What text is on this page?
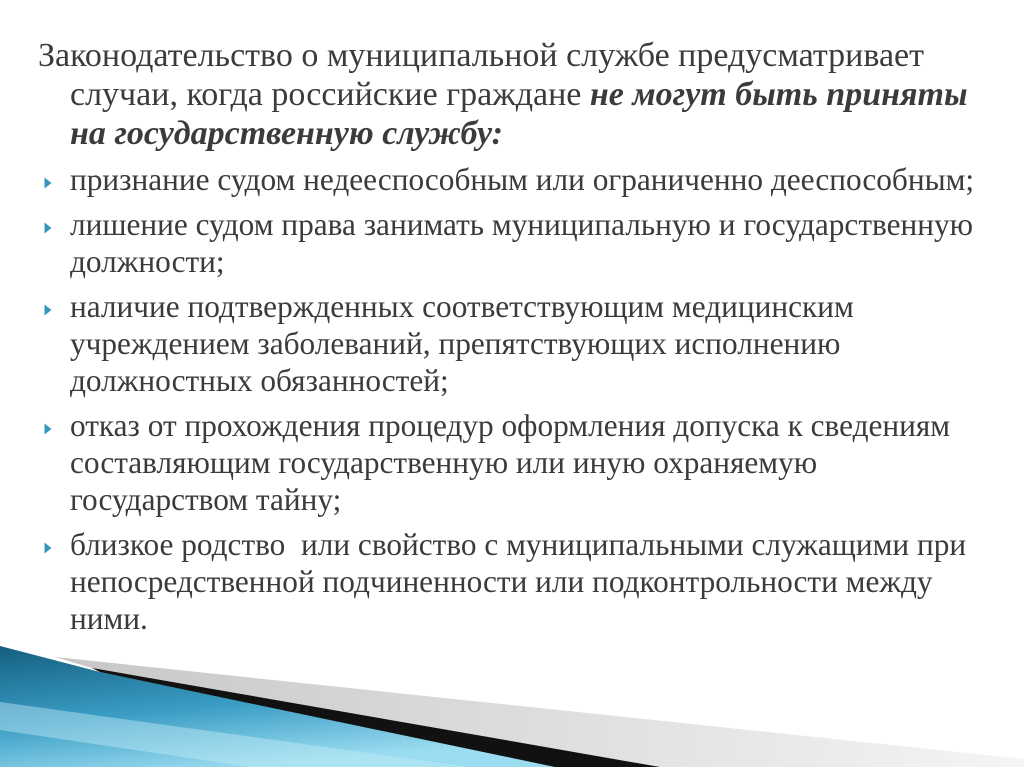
Законодательство о муниципальной службе предусматривает
случаи, когда российские граждане не могут быть приняты
на государственную службу:
признание судом недееспособным или ограниченно дееспособным;
лишение судом права занимать муниципальную и государственную
должности;
наличие подтвержденных соответствующим медицинским
учреждением заболеваний, препятствующих исполнению
должностных обязанностей;
отказ от прохождения процедур оформления допуска к сведениям
составляющим государственную или иную охраняемую
государством тайну;
близкое родство  или свойство с муниципальными служащими при
непосредственной подчиненности или подконтрольности между
ними.
